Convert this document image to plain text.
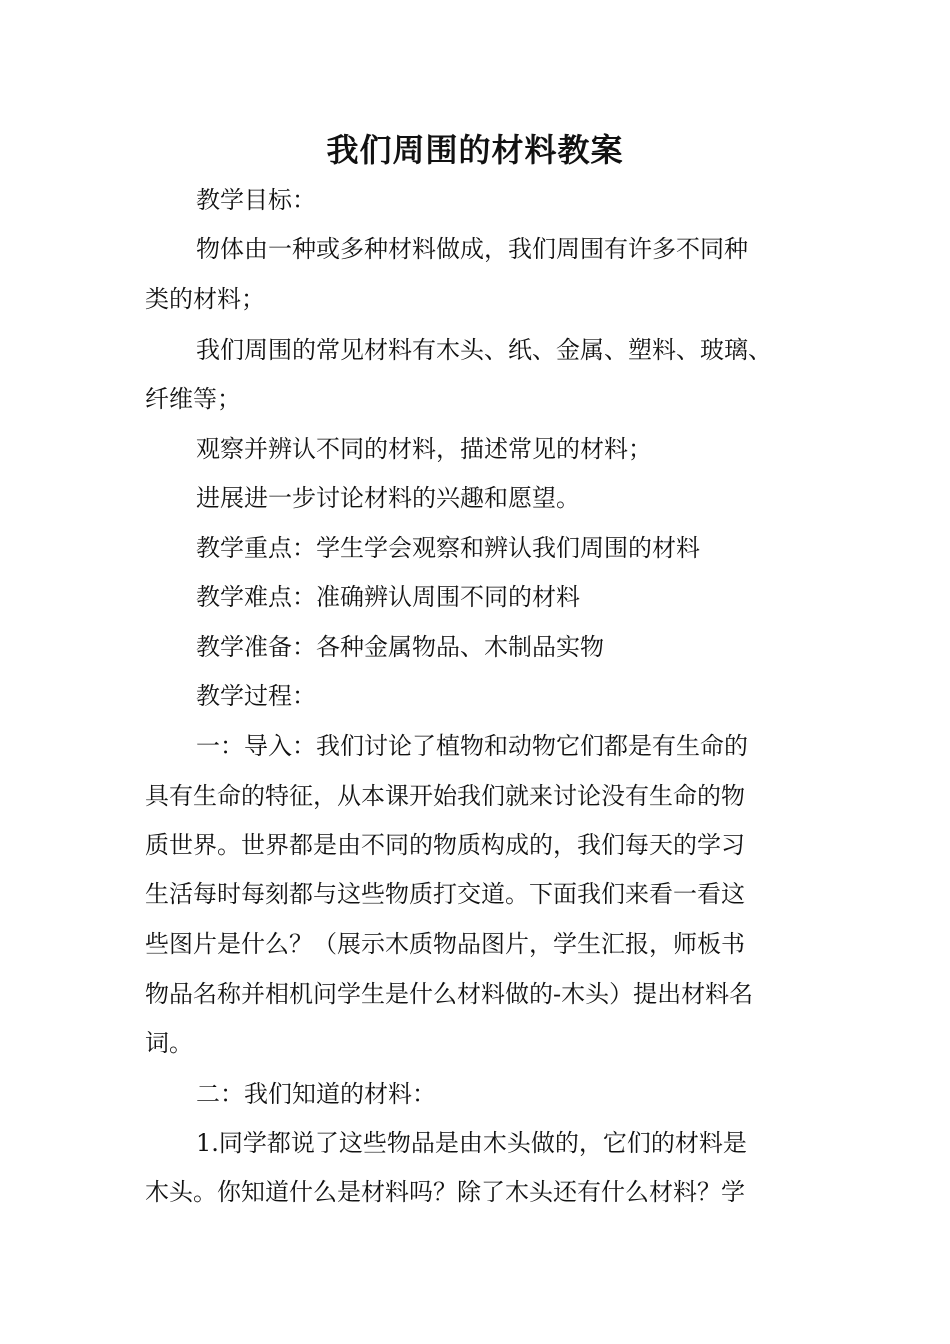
我们周围的材料教案
教学目标：
物体由一种或多种材料做成，我们周围有许多不同种
类的材料；
我们周围的常见材料有木头、纸、金属、塑料、玻璃、
纤维等；
观察并辨认不同的材料，描述常见的材料；
进展进一步讨论材料的兴趣和愿望。
教学重点：学生学会观察和辨认我们周围的材料
教学难点：准确辨认周围不同的材料
教学准备：各种金属物品、木制品实物
教学过程：
一：导入：我们讨论了植物和动物它们都是有生命的
具有生命的特征，从本课开始我们就来讨论没有生命的物
质世界。世界都是由不同的物质构成的，我们每天的学习
生活每时每刻都与这些物质打交道。下面我们来看一看这
些图片是什么？（展示木质物品图片，学生汇报，师板书
物品名称并相机问学生是什么材料做的-木头）提出材料名
词。
二：我们知道的材料：
1.同学都说了这些物品是由木头做的，它们的材料是
木头。你知道什么是材料吗？除了木头还有什么材料？学
